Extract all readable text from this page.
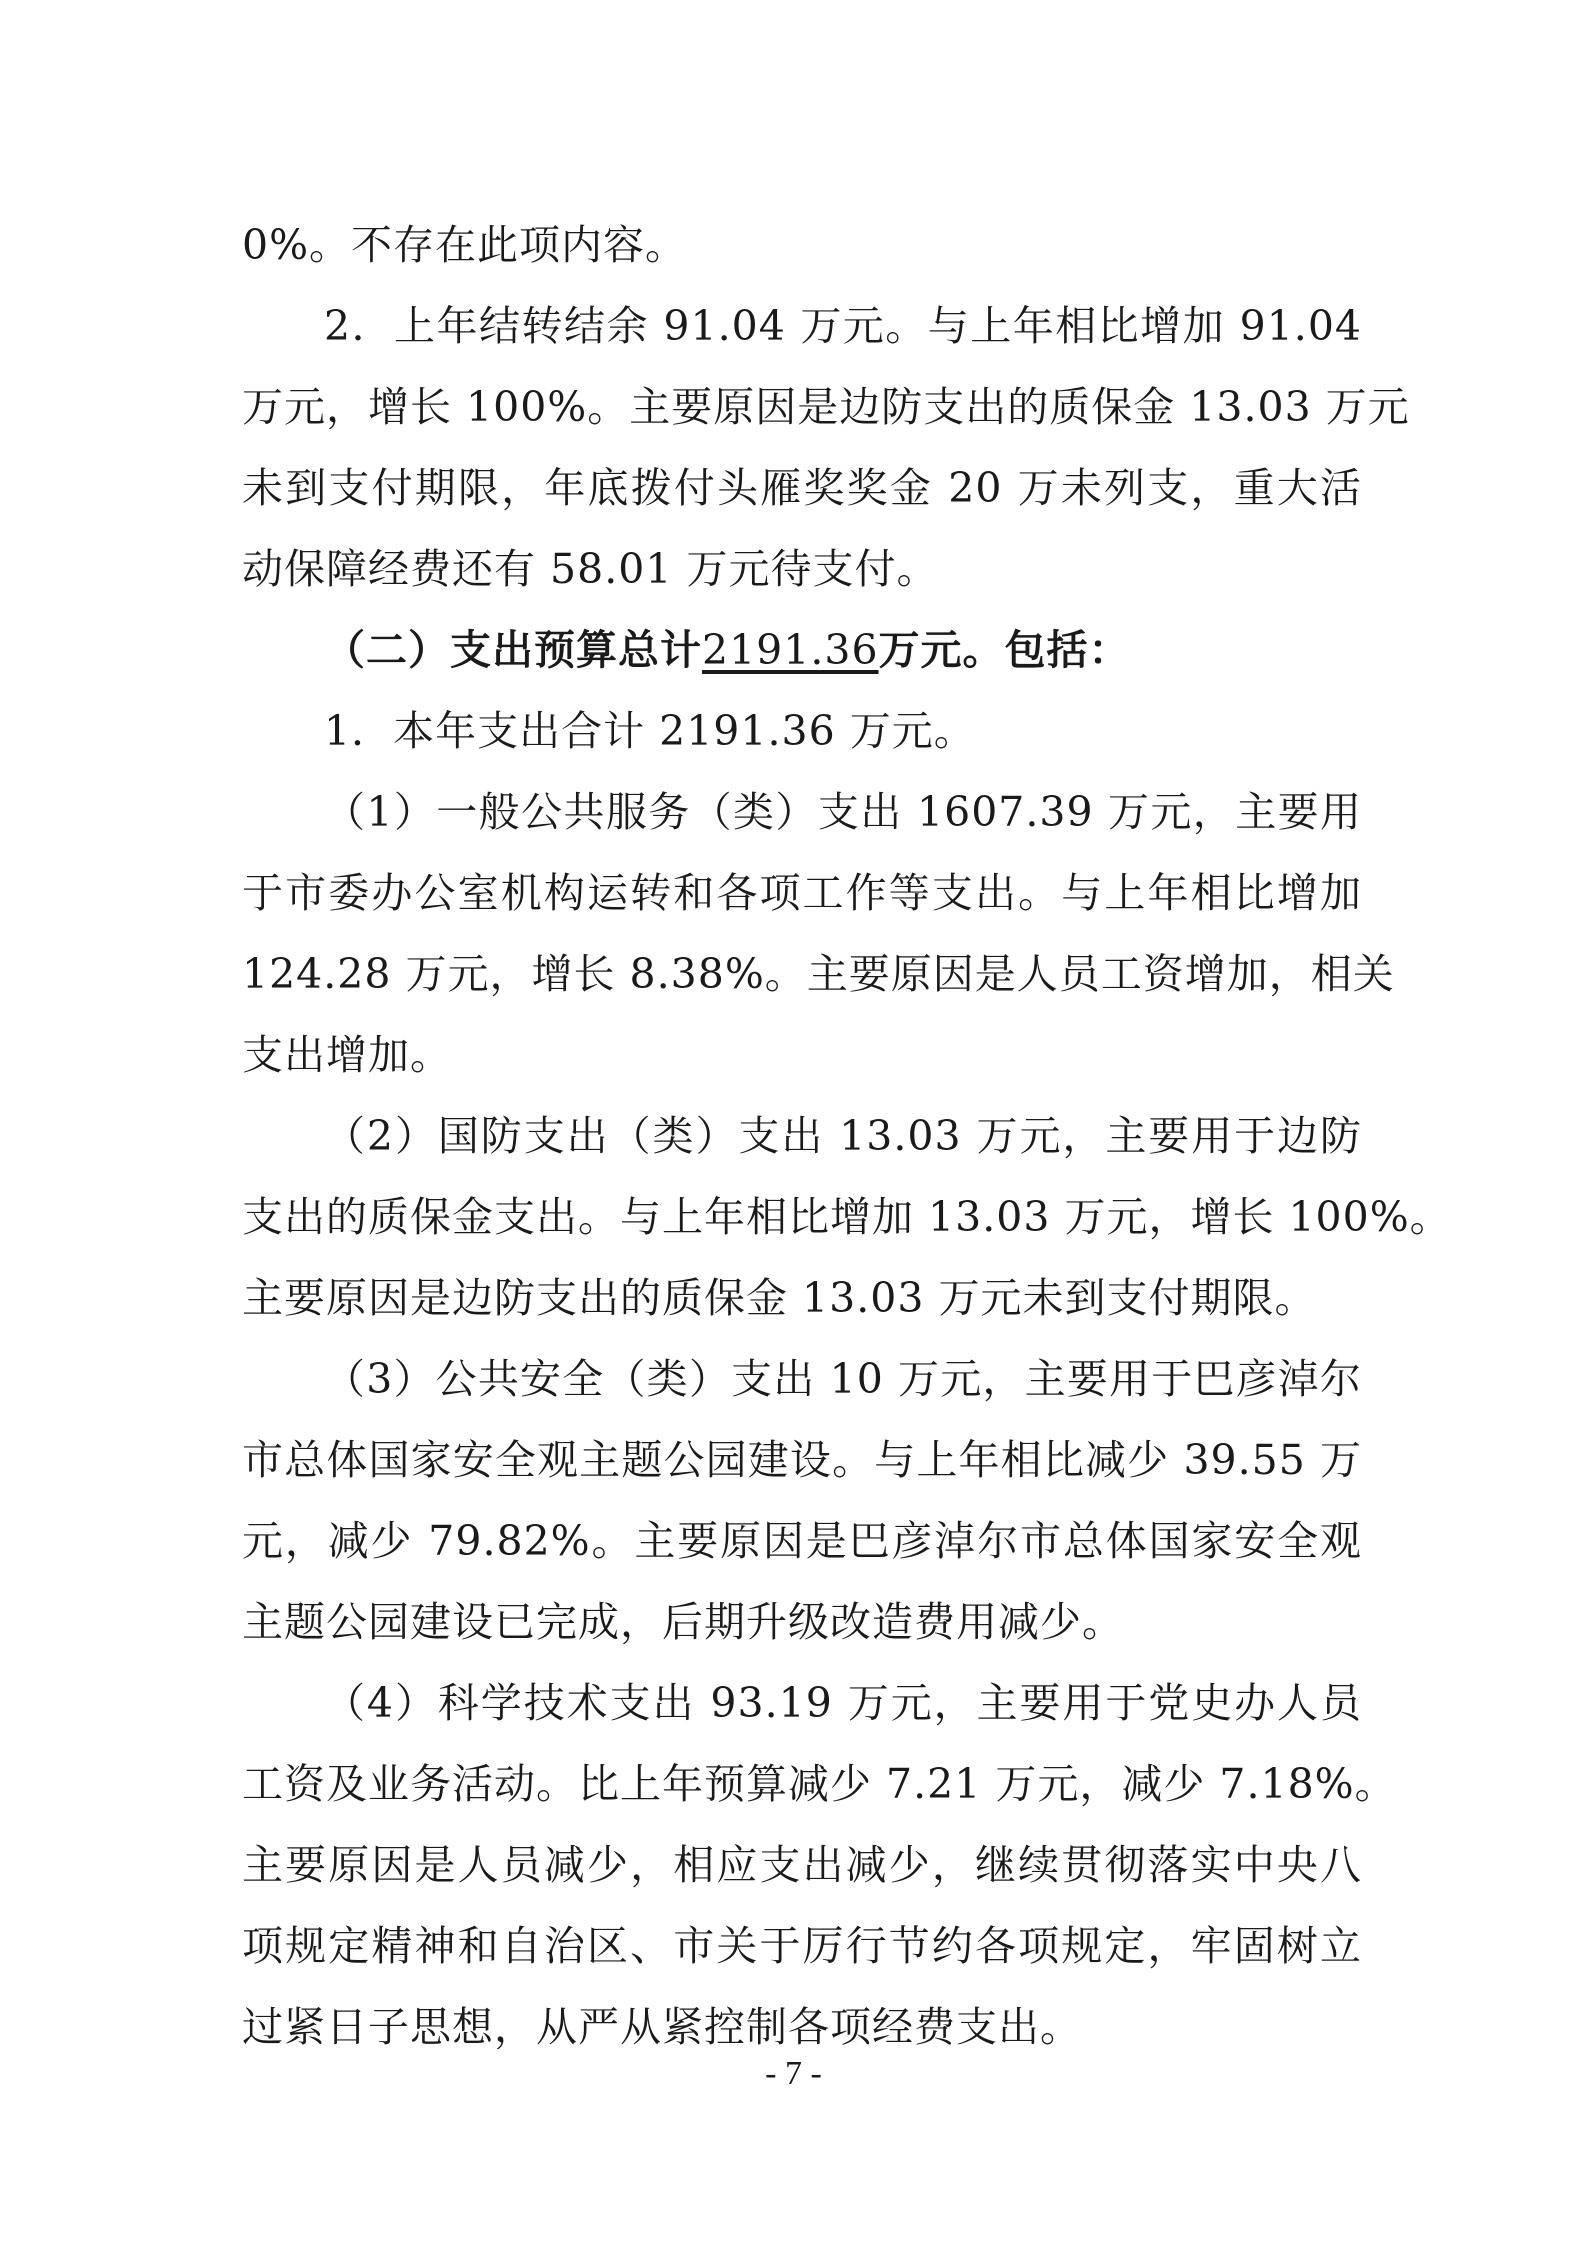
0%。不存在此项内容。
2．上年结转结余 91.04 万元。与上年相比增加 91.04
万元，增长 100%。主要原因是边防支出的质保金 13.03 万元
未到支付期限，年底拨付头雁奖奖金 20 万未列支，重大活
动保障经费还有 58.01 万元待支付。
（二）支出预算总计2191.36万元。包括：
1．本年支出合计 2191.36 万元。
（1）一般公共服务（类）支出 1607.39 万元，主要用
于市委办公室机构运转和各项工作等支出。与上年相比增加
124.28 万元，增长 8.38%。主要原因是人员工资增加，相关
支出增加。
（2）国防支出（类）支出 13.03 万元，主要用于边防
支出的质保金支出。与上年相比增加 13.03 万元，增长 100%。
主要原因是边防支出的质保金 13.03 万元未到支付期限。
（3）公共安全（类）支出 10 万元，主要用于巴彦淖尔
市总体国家安全观主题公园建设。与上年相比减少 39.55 万
元，减少 79.82%。主要原因是巴彦淖尔市总体国家安全观
主题公园建设已完成，后期升级改造费用减少。
（4）科学技术支出 93.19 万元，主要用于党史办人员
工资及业务活动。比上年预算减少 7.21 万元，减少 7.18%。
主要原因是人员减少，相应支出减少，继续贯彻落实中央八
项规定精神和自治区、市关于厉行节约各项规定，牢固树立
过紧日子思想，从严从紧控制各项经费支出。
- 7 -
